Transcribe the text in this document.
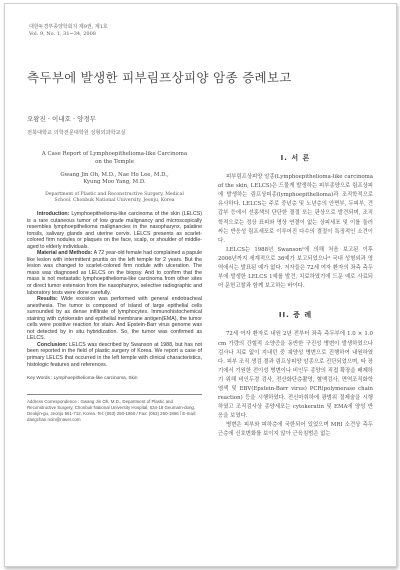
대한두경부종양학회지 제9권, 제1호
Vol. 9, No. 1, 31~34, 2008
측두부에 발생한 피부림프상피양 암종 증례보고
오왕진 · 이내호 · 양경무
전북대학교 의학전문대학원 성형외과학교실
A Case Report of Lymphoepithelioma-like Carcinoma
on the Temple
Gwang Jin Oh, M.D., Nae Ho Lee, M.D.,
Kyung Moo Yang, M.D.
Department of Plastic and Reconstructive Surgery, Medical
School, Chonbuk National University, Jeonju, Korea

Introduction: Lymphoepithelioma-like carcinoma of the skin (LELCS) is a rare cutaneous tumor of low grade malignancy and microscopically resembles lymphoepithelioma malignancies in the nasopharynx, palatine tonsils, salivary glands and uterine cervix. LELCS presents as scarlet-colored firm nodules or plaques on the face, scalp, or shoulder of middle-aged to elderly individuals.

Material and Methods: A 72 year-old female had complained a papule like lesion with intermittent pruritis on the left temple for 2 years. But the lesion was changed to scarlet-colored firm nodule with ulceration. The mass was diagnosed as LELCS on the biopsy. And to confirm that the mass is not metastatic lymphoepithelioma-like carcinoma from other sites or direct tumor extension from the nasopharynx, selective radiographic and laboratory tests were done carefully.

Results: Wide excision was performed with general endotracheal anesthesia. The tumor is composed of island of large epithelial cells surrounded by as dense infiltrate of lymphocytes. Immunohistochemical staining with cytokeratin and epithelial membrane antigen(EMA), the tumor cells were positive reaction for stain. And Epstein-Barr virus genome was not detected by in situ hybridization. So, the tumor was confirmed as LELCS.

Conclusion: LELCS was described by Swanson at 1988, but has not been reported in the field of plastic surgery of Korea. We report a case of primary LELCS that occurred in the left temple with clinical characteristics, histologic features and references.

Key Words : Lymphoepithelioma-like carcinoma, Skin
Address Correspondence : Gwang Jin Oh, M.D., Department of Plastic and Reconstructive Surgery, Chonbuk National University Hospital, 634-18 Geumam-dong, Deokjin-gu, Jeonju 561-712, Korea. Tel: (063) 250-1860 / Fax: (063) 250-1866 / E-mail: dangchan noin@naver.com
I. 서 론

피부림프상피양 암종(Lymphoepithelioma-like carcinoma of the skin, LELCS)은 드물게 발생하는 피부종양으로 림프상피에 발생하는 림프상피종(lymphoepithelioma)과 조직학적으로 유사하다. LELCS는 주로 중년층 및 노년층의 안면부, 두피부, 견갑부 등에서 선홍색의 단단한 결절 또는 판상으로 발견되며, 조직학적으로는 정상 표피와 명상 연결이 없는 상피세포 및 이를 둘러싸는 반응성 림프세포로 이루어진 다수의 결절이 특징적인 소견이다.

LELCS는 1988년 Swanson¹에 의해 처음 보고된 이후 2006년까지 세계적으로 36예가 보고되었으나² 국내 성형외과 영역에서는 발표된 예가 없다. 저자들은 72세 여자 환자의 좌측 측두부에 발생한 LELCS 1예를 발견, 치료하였기에 드문 예로 사료되어 문헌고찰과 함께 보고하는 바이다.

II. 증 례

72세 여자 환자로 내원 2년 전부터 좌측 측두부에 1.0 × 1.0 cm 가량의 간헐적 소양증을 동반한 구진성 병변이 발생하였으나 검사나 치료 없이 지내던 중 궤양성 병변으로 진행하여 내원하였다. 피부 조직 생검 결과 림프상피양 암종으로 진단되었으며, 타 장기에서 기원한 전이성 병변이나 비인두 종양의 직접 확장을 배제하기 위해 비인두경 검사, 전산화단층촬영, 혈액검사, 면역조직화학 염색 및 EBV(Epstein-Barr virus) PCR(polymerase chain reaction) 등을 시행하였다. 전신마취하에 광범위 절제술을 시행하였고 조직검사상 종양세포는 cytokeratin 및 EMA에 양성 반응을 보였다.

병변은 피부와 피하층에 국한되어 있었으며 MRI 소견상 측두근층에 신호변화를 보이지 않아 근육침범은 없는
